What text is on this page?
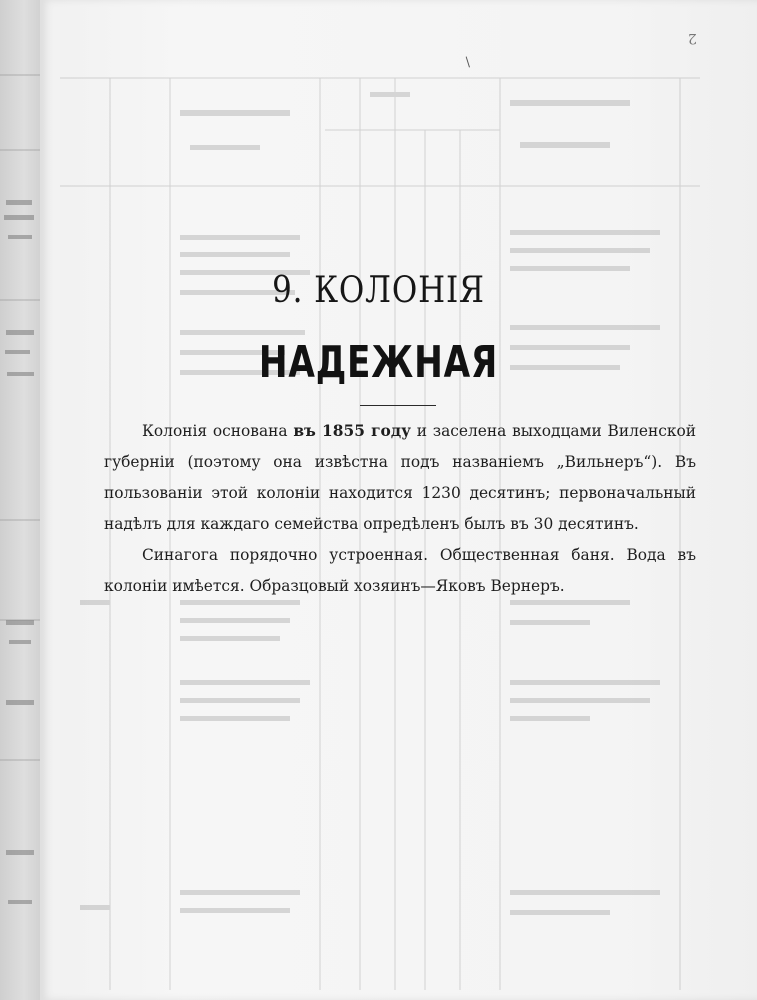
2
/
9. КОЛОНІЯ
НАДЕЖНАЯ

Колонія основана въ 1855 году и заселена выходцами Виленской губерніи (поэтому она извѣстна подъ названіемъ „Вильнеръ“). Въ пользованіи этой колоніи находится 1230 десятинъ; первоначальный надѣлъ для каждаго семейства опредѣленъ былъ въ 30 десятинъ.

Синагога порядочно устроенная. Общественная баня. Вода въ колоніи имѣется. Образцовый хозяинъ—Яковъ Вернеръ.
